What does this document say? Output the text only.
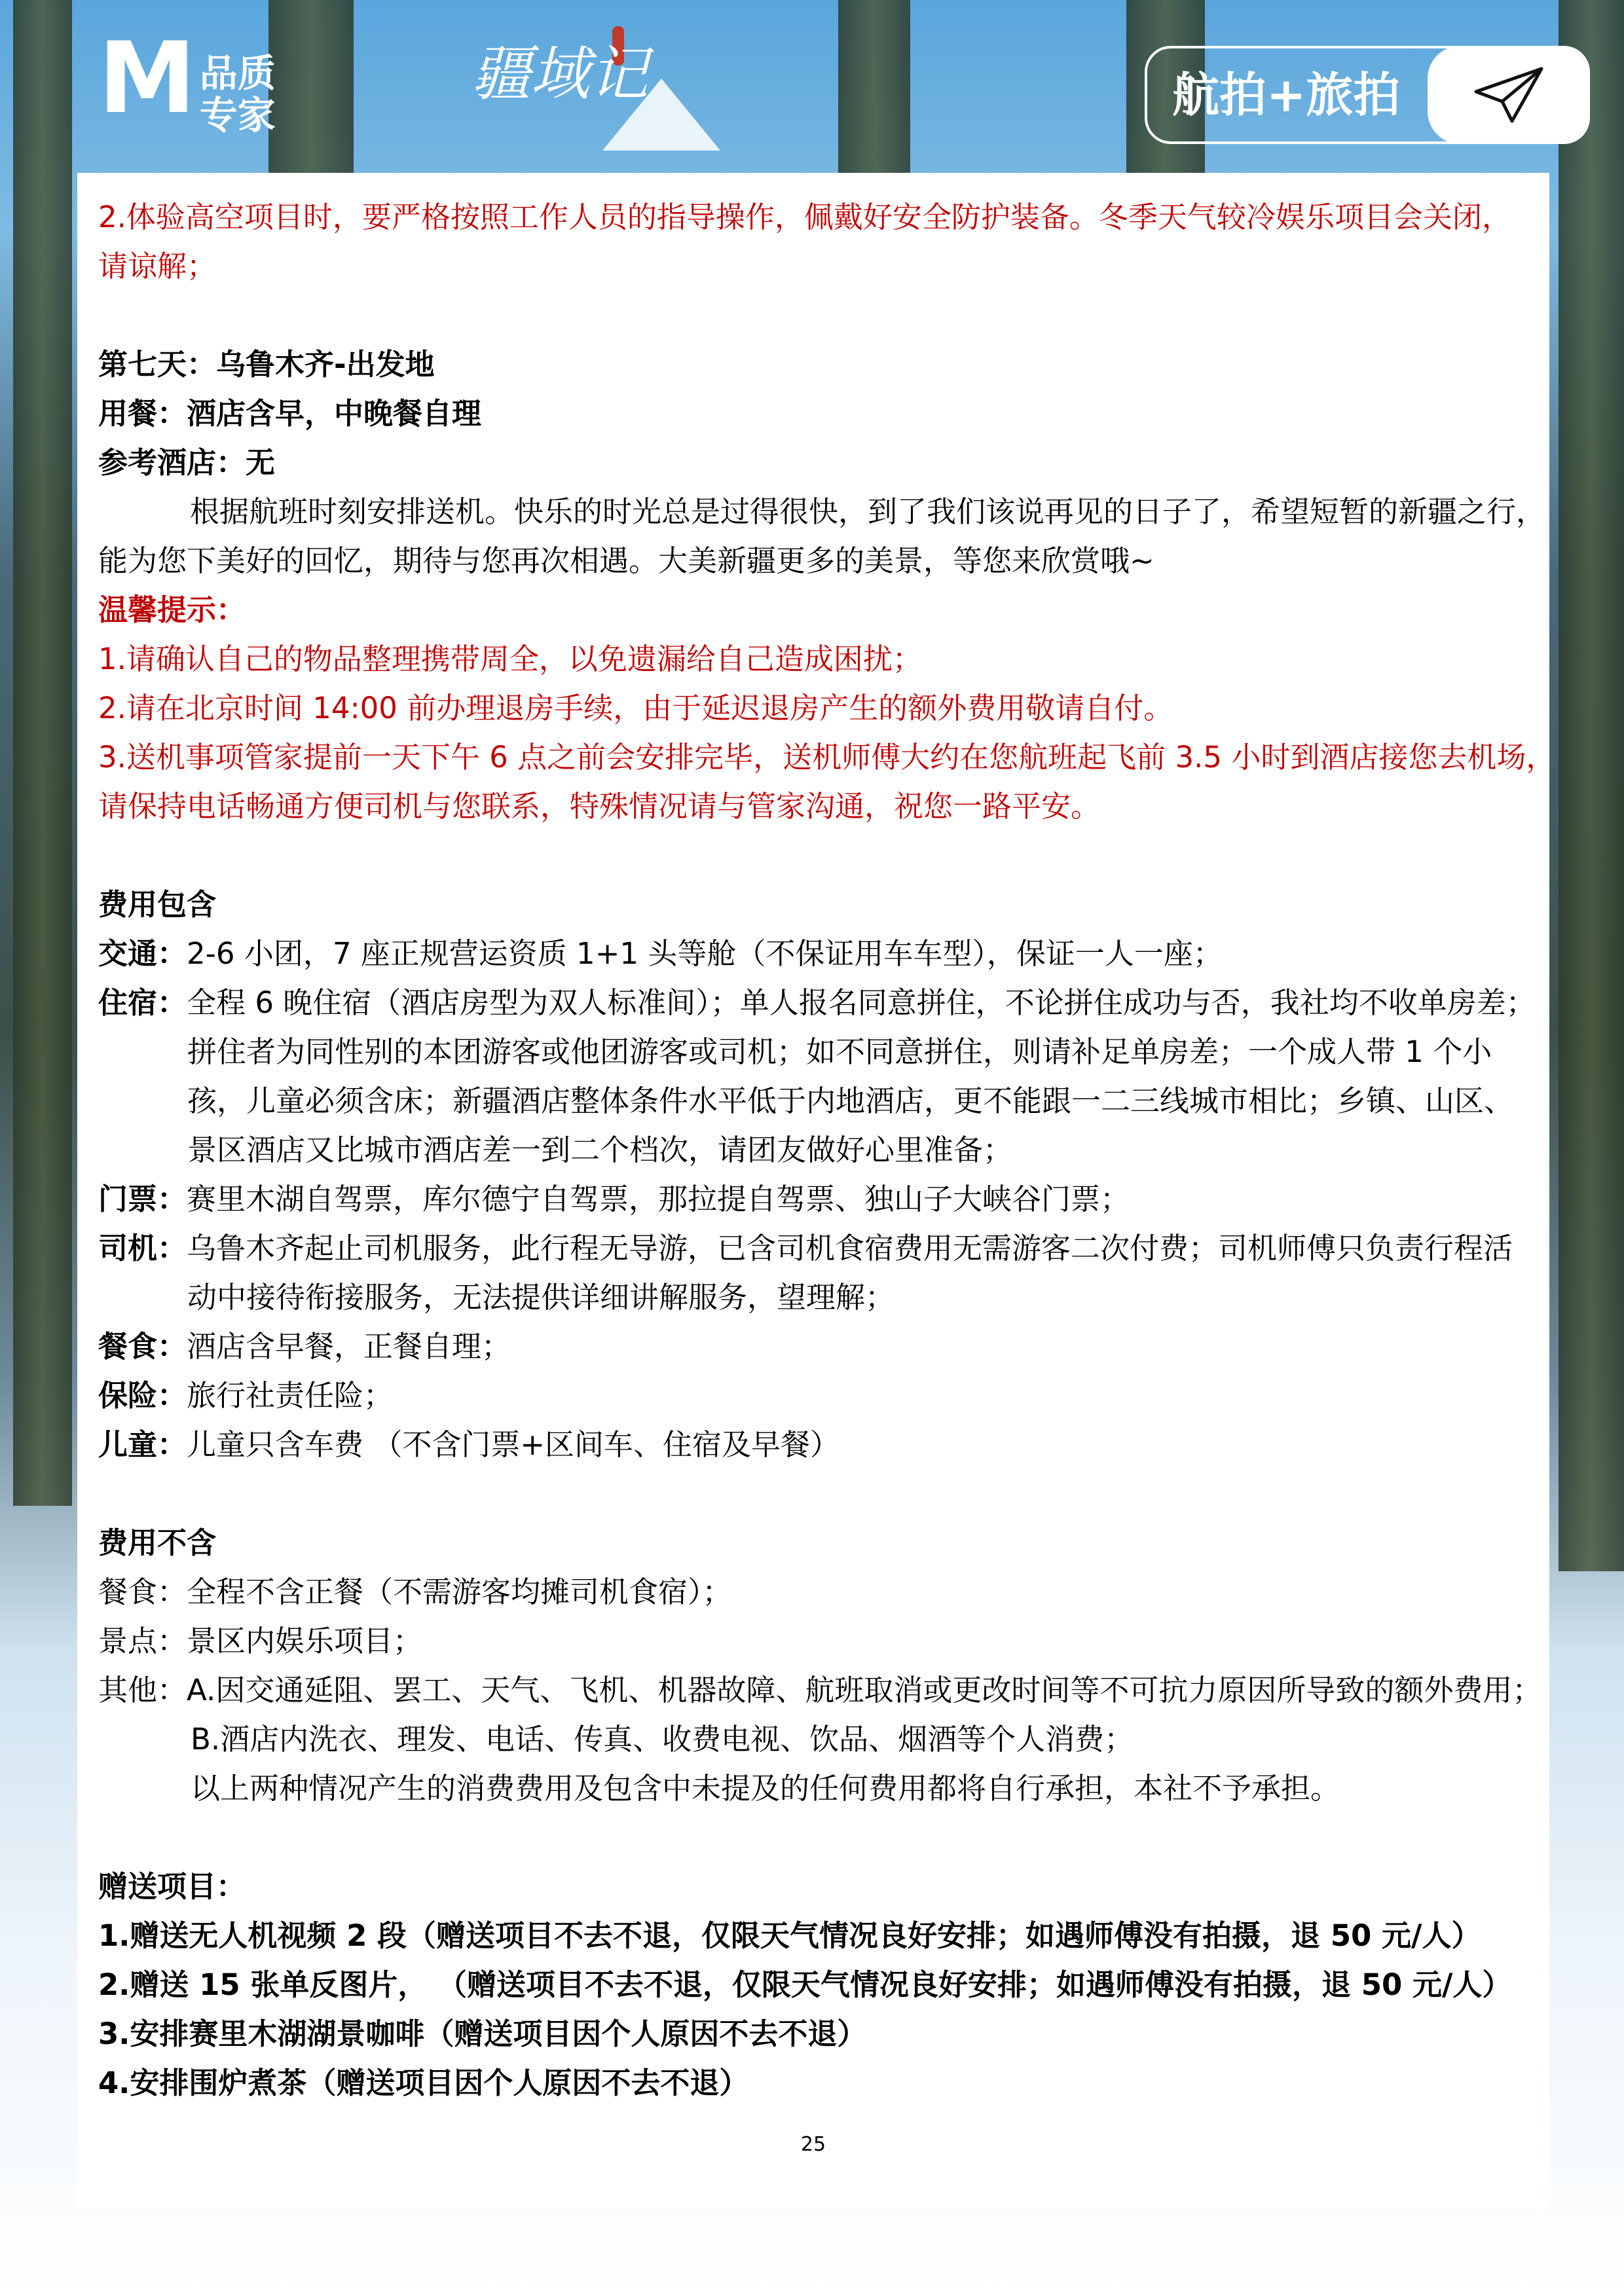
M 品质专家
疆域记	航拍+旅拍
2.体验高空项目时，要严格按照工作人员的指导操作，佩戴好安全防护装备。冬季天气较冷娱乐项目会关闭，
请谅解；
第七天：乌鲁木齐-出发地
用餐：酒店含早，中晚餐自理
参考酒店：无
根据航班时刻安排送机。快乐的时光总是过得很快，到了我们该说再见的日子了，希望短暂的新疆之行，
能为您下美好的回忆，期待与您再次相遇。大美新疆更多的美景，等您来欣赏哦~
温馨提示：
1.请确认自己的物品整理携带周全，以免遗漏给自己造成困扰；
2.请在北京时间 14:00 前办理退房手续，由于延迟退房产生的额外费用敬请自付。
3.送机事项管家提前一天下午 6 点之前会安排完毕，送机师傅大约在您航班起飞前 3.5 小时到酒店接您去机场，
请保持电话畅通方便司机与您联系，特殊情况请与管家沟通，祝您一路平安。
费用包含
交通：2-6 小团，7 座正规营运资质 1+1 头等舱（不保证用车车型），保证一人一座；
住宿：全程 6 晚住宿（酒店房型为双人标准间）；单人报名同意拼住，不论拼住成功与否，我社均不收单房差；
拼住者为同性别的本团游客或他团游客或司机；如不同意拼住，则请补足单房差；一个成人带 1 个小
孩，儿童必须含床；新疆酒店整体条件水平低于内地酒店，更不能跟一二三线城市相比；乡镇、山区、
景区酒店又比城市酒店差一到二个档次，请团友做好心里准备；
门票：赛里木湖自驾票，库尔德宁自驾票，那拉提自驾票、独山子大峡谷门票；
司机：乌鲁木齐起止司机服务，此行程无导游，已含司机食宿费用无需游客二次付费；司机师傅只负责行程活
动中接待衔接服务，无法提供详细讲解服务，望理解；
餐食：酒店含早餐，正餐自理；
保险：旅行社责任险；
儿童：儿童只含车费 （不含门票+区间车、住宿及早餐）
费用不含
餐食：全程不含正餐（不需游客均摊司机食宿）；
景点：景区内娱乐项目；
其他：A.因交通延阻、罢工、天气、飞机、机器故障、航班取消或更改时间等不可抗力原因所导致的额外费用；
B.酒店内洗衣、理发、电话、传真、收费电视、饮品、烟酒等个人消费；
以上两种情况产生的消费费用及包含中未提及的任何费用都将自行承担，本社不予承担。
赠送项目：
1.赠送无人机视频 2 段（赠送项目不去不退，仅限天气情况良好安排；如遇师傅没有拍摄，退 50 元/人）
2.赠送 15 张单反图片， （赠送项目不去不退，仅限天气情况良好安排；如遇师傅没有拍摄，退 50 元/人）
3.安排赛里木湖湖景咖啡（赠送项目因个人原因不去不退）
4.安排围炉煮茶（赠送项目因个人原因不去不退）
25
